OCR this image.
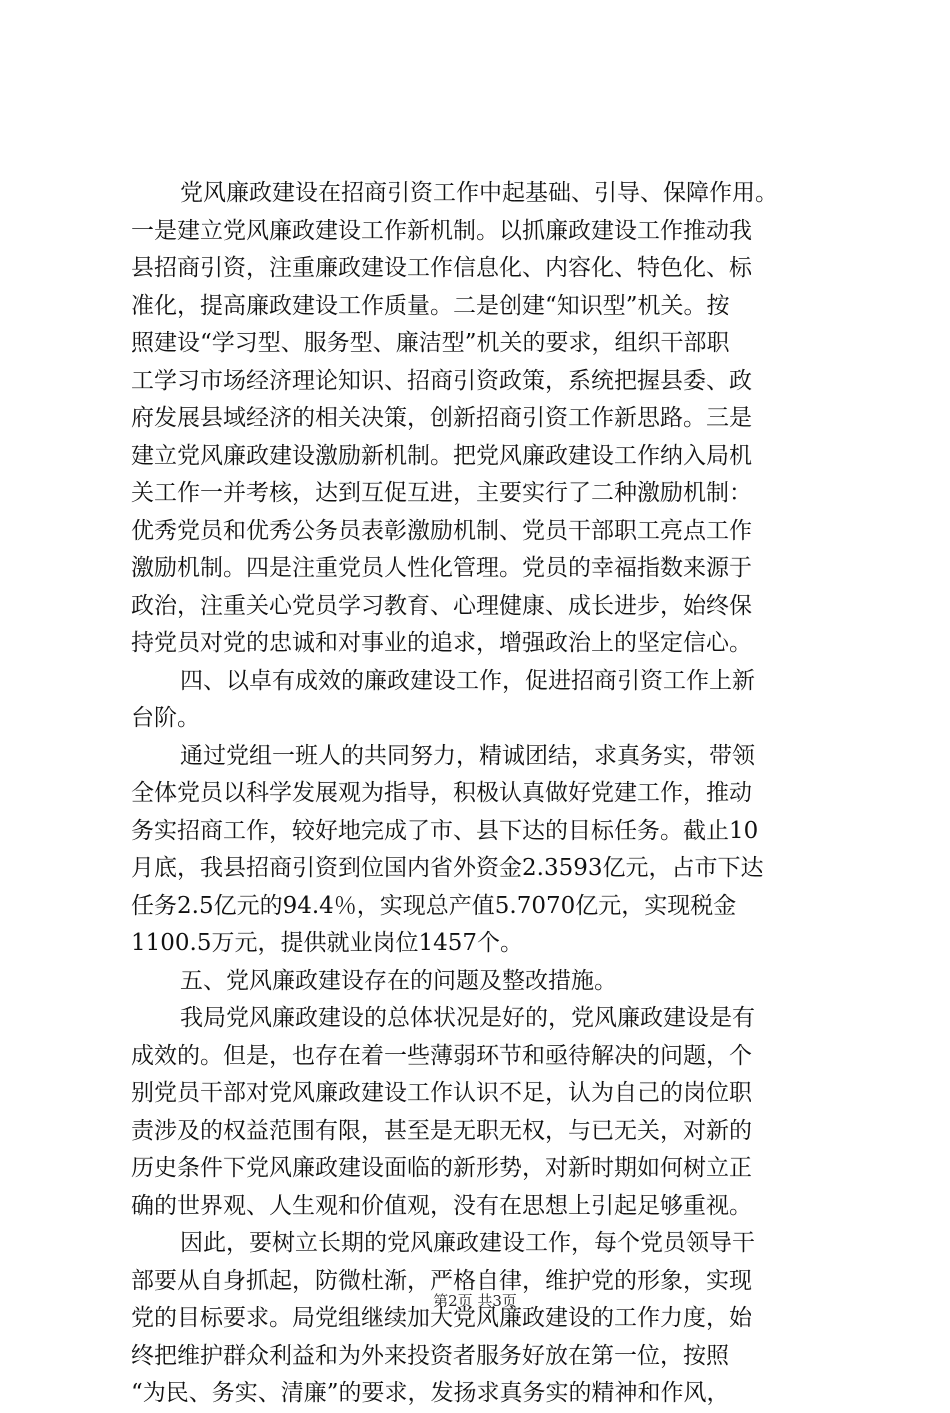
党风廉政建设在招商引资工作中起基础、引导、保障作用。
一是建立党风廉政建设工作新机制。以抓廉政建设工作推动我
县招商引资，注重廉政建设工作信息化、内容化、特色化、标
准化，提高廉政建设工作质量。二是创建“知识型”机关。按
照建设“学习型、服务型、廉洁型”机关的要求，组织干部职
工学习市场经济理论知识、招商引资政策，系统把握县委、政
府发展县域经济的相关决策，创新招商引资工作新思路。三是
建立党风廉政建设激励新机制。把党风廉政建设工作纳入局机
关工作一并考核，达到互促互进，主要实行了二种激励机制：
优秀党员和优秀公务员表彰激励机制、党员干部职工亮点工作
激励机制。四是注重党员人性化管理。党员的幸福指数来源于
政治，注重关心党员学习教育、心理健康、成长进步，始终保
持党员对党的忠诚和对事业的追求，增强政治上的坚定信心。
四、以卓有成效的廉政建设工作，促进招商引资工作上新
台阶。
通过党组一班人的共同努力，精诚团结，求真务实，带领
全体党员以科学发展观为指导，积极认真做好党建工作，推动
务实招商工作，较好地完成了市、县下达的目标任务。截止10
月底，我县招商引资到位国内省外资金2.3593亿元，占市下达
任务2.5亿元的94.4％，实现总产值5.7070亿元，实现税金
1100.5万元，提供就业岗位1457个。
五、党风廉政建设存在的问题及整改措施。
我局党风廉政建设的总体状况是好的，党风廉政建设是有
成效的。但是，也存在着一些薄弱环节和亟待解决的问题，个
别党员干部对党风廉政建设工作认识不足，认为自己的岗位职
责涉及的权益范围有限，甚至是无职无权，与已无关，对新的
历史条件下党风廉政建设面临的新形势，对新时期如何树立正
确的世界观、人生观和价值观，没有在思想上引起足够重视。
因此，要树立长期的党风廉政建设工作，每个党员领导干
部要从自身抓起，防微杜渐，严格自律，维护党的形象，实现
党的目标要求。局党组继续加大党风廉政建设的工作力度，始
终把维护群众利益和为外来投资者服务好放在第一位，按照
“为民、务实、清廉”的要求，发扬求真务实的精神和作风，
第2页 共3页
